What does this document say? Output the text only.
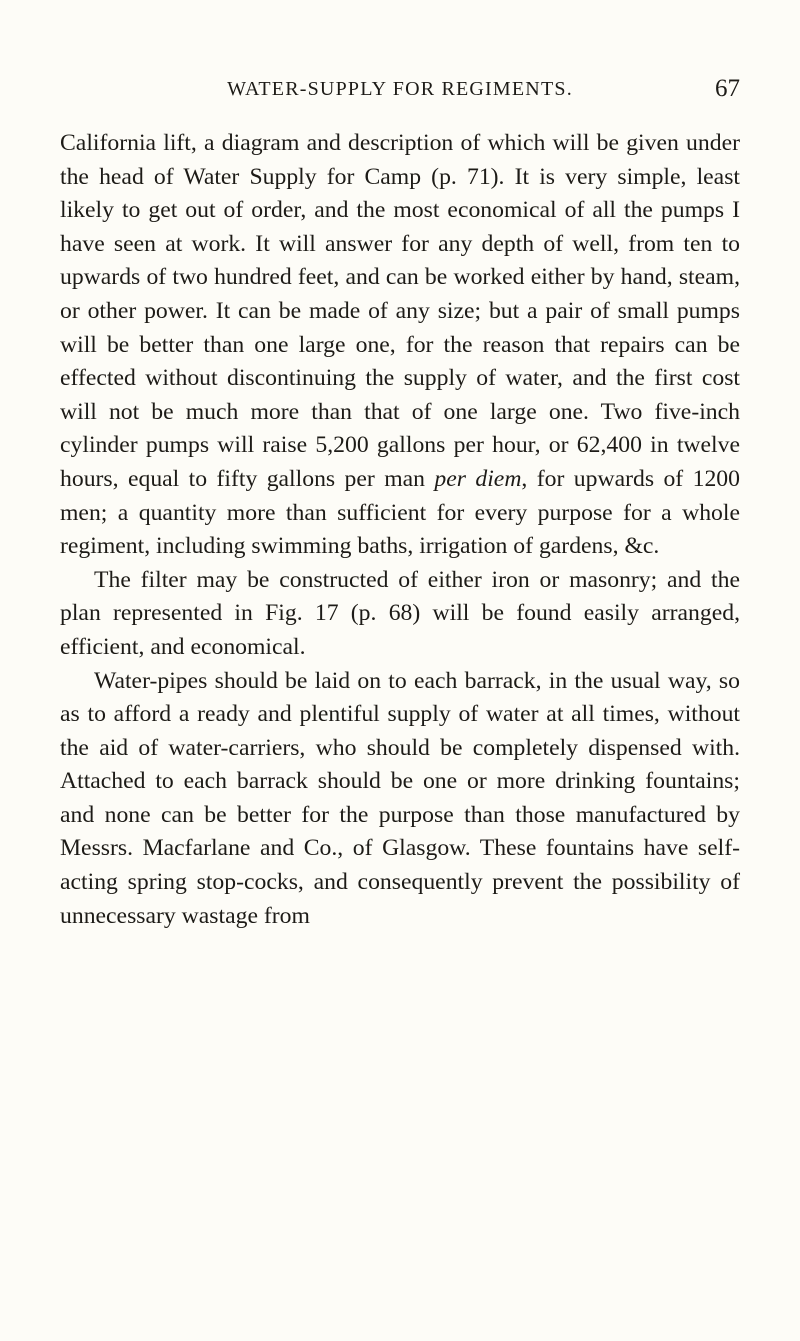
WATER-SUPPLY FOR REGIMENTS.	67

California lift, a diagram and description of which will be given under the head of Water Supply for Camp (p. 71). It is very simple, least likely to get out of order, and the most economical of all the pumps I have seen at work. It will answer for any depth of well, from ten to upwards of two hundred feet, and can be worked either by hand, steam, or other power. It can be made of any size; but a pair of small pumps will be better than one large one, for the reason that repairs can be effected without discontinuing the supply of water, and the first cost will not be much more than that of one large one. Two five-inch cylinder pumps will raise 5,200 gallons per hour, or 62,400 in twelve hours, equal to fifty gallons per man per diem, for upwards of 1200 men; a quantity more than sufficient for every purpose for a whole regiment, including swimming baths, irrigation of gardens, &c.

The filter may be constructed of either iron or masonry; and the plan represented in Fig. 17 (p. 68) will be found easily arranged, efficient, and economical.

Water-pipes should be laid on to each barrack, in the usual way, so as to afford a ready and plentiful supply of water at all times, without the aid of water-carriers, who should be completely dispensed with. Attached to each barrack should be one or more drinking fountains; and none can be better for the purpose than those manufactured by Messrs. Macfarlane and Co., of Glasgow. These fountains have self-acting spring stop-cocks, and consequently prevent the possibility of unnecessary wastage from
